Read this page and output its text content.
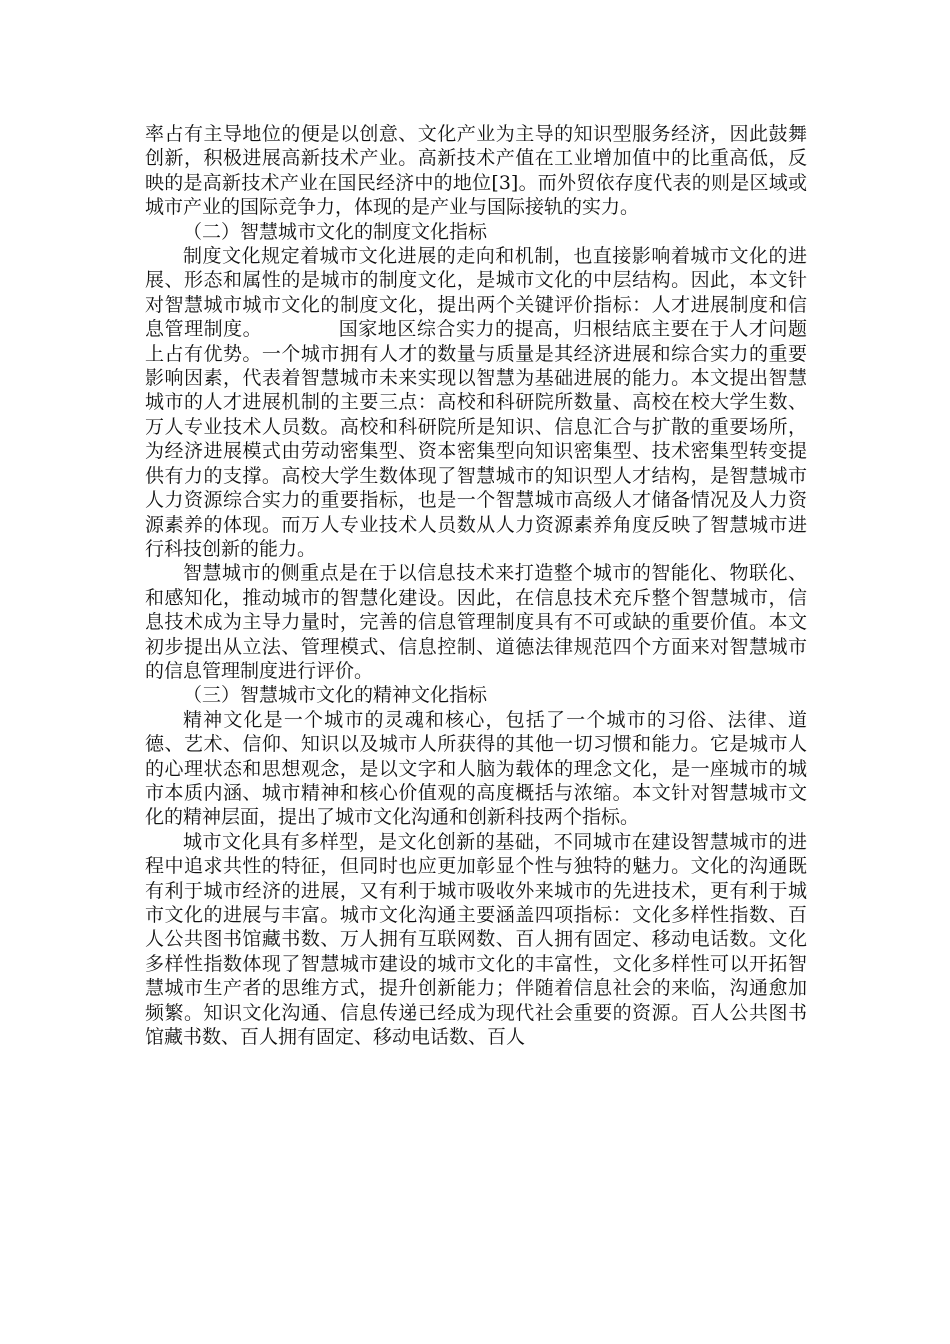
率占有主导地位的便是以创意、文化产业为主导的知识型服务经济，因此鼓舞创新，积极进展高新技术产业。高新技术产值在工业增加值中的比重高低，反映的是高新技术产业在国民经济中的地位[3]。而外贸依存度代表的则是区域或城市产业的国际竞争力，体现的是产业与国际接轨的实力。

（二）智慧城市文化的制度文化指标

制度文化规定着城市文化进展的走向和机制，也直接影响着城市文化的进展、形态和属性的是城市的制度文化，是城市文化的中层结构。因此，本文针对智慧城市城市文化的制度文化，提出两个关键评价指标：人才进展制度和信息管理制度。	国家地区综合实力的提高，归根结底主要在于人才问题上占有优势。一个城市拥有人才的数量与质量是其经济进展和综合实力的重要影响因素，代表着智慧城市未来实现以智慧为基础进展的能力。本文提出智慧城市的人才进展机制的主要三点：高校和科研院所数量、高校在校大学生数、万人专业技术人员数。高校和科研院所是知识、信息汇合与扩散的重要场所，为经济进展模式由劳动密集型、资本密集型向知识密集型、技术密集型转变提供有力的支撑。高校大学生数体现了智慧城市的知识型人才结构，是智慧城市人力资源综合实力的重要指标，也是一个智慧城市高级人才储备情况及人力资源素养的体现。而万人专业技术人员数从人力资源素养角度反映了智慧城市进行科技创新的能力。

智慧城市的侧重点是在于以信息技术来打造整个城市的智能化、物联化、和感知化，推动城市的智慧化建设。因此，在信息技术充斥整个智慧城市，信息技术成为主导力量时，完善的信息管理制度具有不可或缺的重要价值。本文初步提出从立法、管理模式、信息控制、道德法律规范四个方面来对智慧城市的信息管理制度进行评价。

（三）智慧城市文化的精神文化指标

精神文化是一个城市的灵魂和核心，包括了一个城市的习俗、法律、道德、艺术、信仰、知识以及城市人所获得的其他一切习惯和能力。它是城市人的心理状态和思想观念，是以文字和人脑为载体的理念文化，是一座城市的城市本质内涵、城市精神和核心价值观的高度概括与浓缩。本文针对智慧城市文化的精神层面，提出了城市文化沟通和创新科技两个指标。

城市文化具有多样型，是文化创新的基础，不同城市在建设智慧城市的进程中追求共性的特征，但同时也应更加彰显个性与独特的魅力。文化的沟通既有利于城市经济的进展，又有利于城市吸收外来城市的先进技术，更有利于城市文化的进展与丰富。城市文化沟通主要涵盖四项指标：文化多样性指数、百人公共图书馆藏书数、万人拥有互联网数、百人拥有固定、移动电话数。文化多样性指数体现了智慧城市建设的城市文化的丰富性，文化多样性可以开拓智慧城市生产者的思维方式，提升创新能力；伴随着信息社会的来临，沟通愈加频繁。知识文化沟通、信息传递已经成为现代社会重要的资源。百人公共图书馆藏书数、百人拥有固定、移动电话数、百人
